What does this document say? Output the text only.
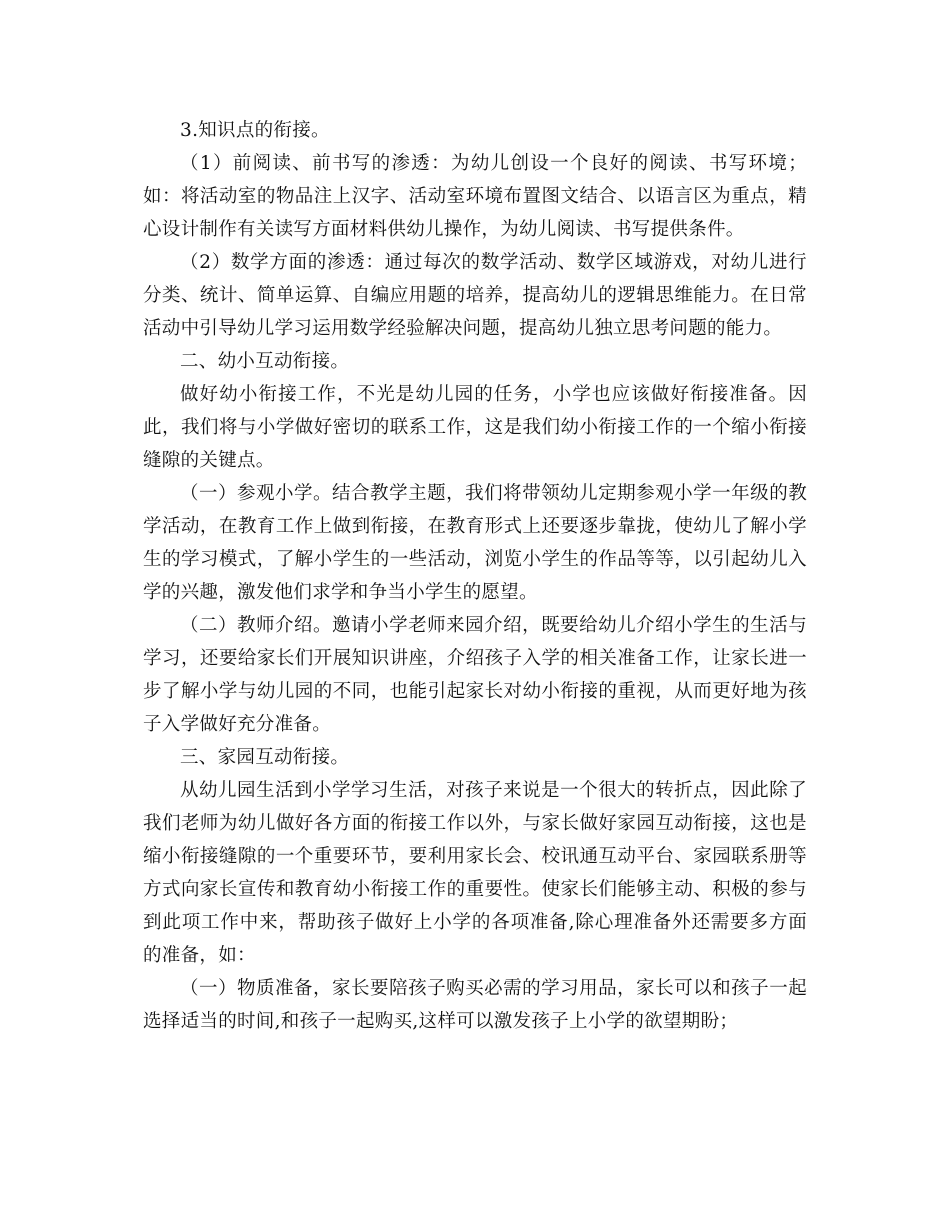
3.知识点的衔接。

（1）前阅读、前书写的渗透：为幼儿创设一个良好的阅读、书写环境；如：将活动室的物品注上汉字、活动室环境布置图文结合、以语言区为重点，精心设计制作有关读写方面材料供幼儿操作，为幼儿阅读、书写提供条件。

（2）数学方面的渗透：通过每次的数学活动、数学区域游戏，对幼儿进行分类、统计、简单运算、自编应用题的培养，提高幼儿的逻辑思维能力。在日常活动中引导幼儿学习运用数学经验解决问题，提高幼儿独立思考问题的能力。

二、幼小互动衔接。

做好幼小衔接工作，不光是幼儿园的任务，小学也应该做好衔接准备。因此，我们将与小学做好密切的联系工作，这是我们幼小衔接工作的一个缩小衔接缝隙的关键点。

（一）参观小学。结合教学主题，我们将带领幼儿定期参观小学一年级的教学活动，在教育工作上做到衔接，在教育形式上还要逐步靠拢，使幼儿了解小学生的学习模式，了解小学生的一些活动，浏览小学生的作品等等，以引起幼儿入学的兴趣，激发他们求学和争当小学生的愿望。

（二）教师介绍。邀请小学老师来园介绍，既要给幼儿介绍小学生的生活与学习，还要给家长们开展知识讲座，介绍孩子入学的相关准备工作，让家长进一步了解小学与幼儿园的不同，也能引起家长对幼小衔接的重视，从而更好地为孩子入学做好充分准备。

三、家园互动衔接。

从幼儿园生活到小学学习生活，对孩子来说是一个很大的转折点，因此除了我们老师为幼儿做好各方面的衔接工作以外，与家长做好家园互动衔接，这也是缩小衔接缝隙的一个重要环节，要利用家长会、校讯通互动平台、家园联系册等方式向家长宣传和教育幼小衔接工作的重要性。使家长们能够主动、积极的参与到此项工作中来，帮助孩子做好上小学的各项准备,除心理准备外还需要多方面的准备，如：

（一）物质准备，家长要陪孩子购买必需的学习用品，家长可以和孩子一起选择适当的时间,和孩子一起购买,这样可以激发孩子上小学的欲望期盼；
